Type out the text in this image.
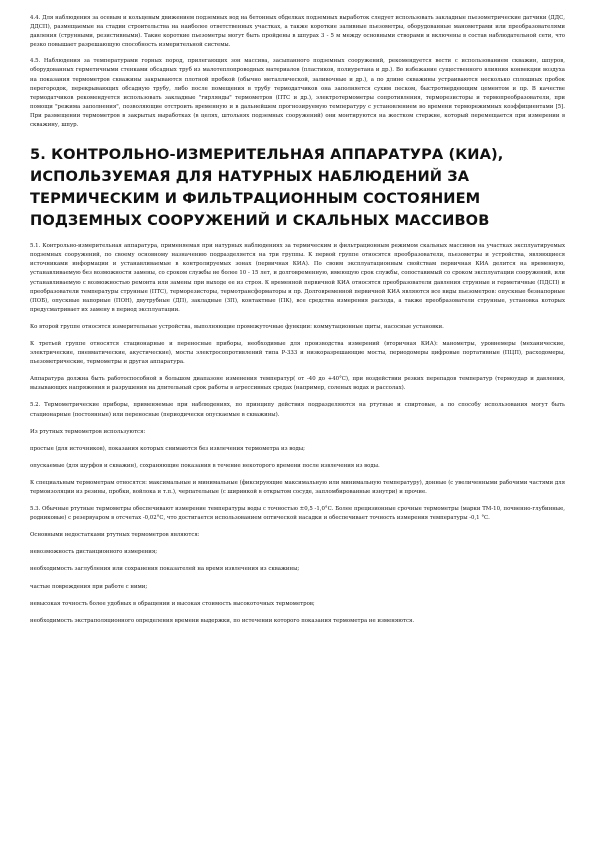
4.4. Для наблюдения за осевым и кольцевым движением подземных вод на бетонных обделках подземных выработок следует использовать закладные пьезометрические датчики (ДДС, ДДСП), размещаемые на стадии строительства на наиболее ответственных участках, а также короткие заливные пьезометры, оборудованные манометрами или преобразователями давления (струнными, резистивными). Такие короткие пьезометры могут быть пройдены в шпурах 3 - 5 м между основными створами и включены в состав наблюдательной сети, что резко повышает разрешающую способность измерительной системы.

4.5. Наблюдения за температурами горных пород, прилегающих зон массива, засыпанного подземных сооружений, рекомендуется вести с использованием скважин, шпуров, оборудованных герметичными стенками обсадных труб из малотеплопроводных материалов (пластиков, полиуретана и др.). Во избежание существенного влияния конвекции воздуха на показания термометров скважины закрываются плотной пробкой (обычно металлической, заливочные и др.), а по длине скважины устраиваются несколько сплошных пробок перегородок, перекрывающих обсадную трубу, либо после помещения в трубу термодатчиков она заполняется сухим песком, быстротвердеющим цементом и пр. В качестве термодатчиков рекомендуется использовать закладные "гирлянды" термометров (ПТС и др.), электротермометры сопротивления, терморезисторы и термопреобразователи, при помощи "режима заполнения", позволяющие отстроить временную и в дальнейшем прогнозируемую температуру с установлением во времени терморежимных коэффициентами [5]. При размещении термометров в закрытых выработках (в целях, штольнях подземных сооружений) они монтируются на жестком стержне, который перемещается при измерении в скважину, шпур.

5. КОНТРОЛЬНО-ИЗМЕРИТЕЛЬНАЯ АППАРАТУРА (КИА), ИСПОЛЬЗУЕМАЯ ДЛЯ НАТУРНЫХ НАБЛЮДЕНИЙ ЗА ТЕРМИЧЕСКИМ И ФИЛЬТРАЦИОННЫМ СОСТОЯНИЕМ ПОДЗЕМНЫХ СООРУЖЕНИЙ И СКАЛЬНЫХ МАССИВОВ

5.1. Контрольно-измерительная аппаратура, применяемая при натурных наблюдениях за термическим и фильтрационным режимом скальных массивов на участках эксплуатируемых подземных сооружений, по своему основному назначению подразделяется на три группы. К первой группе относятся преобразователи, пьезометры и устройства, являющиеся источниками информации и устанавливаемые в контролируемых зонах (первичная КИА). По своим эксплуатационным свойствам первичная КИА делится на временную, устанавливаемую без возможности замены, со сроком службы не более 10 - 15 лет, и долговременную, имеющую срок службы, сопоставимый со сроком эксплуатации сооружений, или устанавливаемую с возможностью ремонта или замены при выходе ее из строя. К временной первичной КИА относятся преобразователи давления струнные и герметичные (ПДСП) и преобразователи температуры струнные (ПТС), терморезисторы, термотрансформаторы и пр. Долговременной первичной КИА являются все виды пьезометров: опускные безнапорные (ПОБ), опускные напорные (ПОН), двутрубные (ДП), закладные (ЗП), контактные (ПК), все средства измерения расхода, а также преобразователи струнные, установка которых предусматривает их замену в период эксплуатации.

Ко второй группе относятся измерительные устройства, выполняющие промежуточные функции: коммутационные щиты, насосные установки.

К третьей группе относятся стационарные и переносные приборы, необходимые для производства измерений (вторичная КИА): манометры, уровнемеры (механические, электрические, пневматические, акустические), мосты электросопротивлений типа Р-333 и низкоразрешающие мосты, периодомеры цифровые портативные (ПЦП), расходомеры, пьезометрические, термометры и другая аппаратура.

Аппаратура должна быть работоспособной в большом диапазоне изменения температур( от -40 до +40°С), при воздействии резких перепадов температур (термоудар и давления, вызывающих напряжения и разрушения на длительный срок работы в агрессивных средах (например, соленых водах и рассолах).

5.2. Термометрические приборы, применяемые при наблюдениях, по принципу действия подразделяются на ртутные и спиртовые, а по способу использования могут быть стационарные (постоянные) или переносные (периодически опускаемые в скважины).

Из ртутных термометров используются:

простые (для источников), показания которых снимаются без извлечения термометра из воды;

опускаемые (для шурфов и скважин), сохраняющие показания в течение некоторого времени после извлечения из воды.

К специальным термометрам относятся: максимальные и минимальные (фиксирующие максимальную или минимальную температуру), донные (с увеличенными рабочими частями для термоизоляции из резины, пробки, войлока и т.п.), черпательные (с ширинкой в открытом сосуде, запломбированные изнутри) и прочие.

5.3. Обычные ртутные термометры обеспечивают измерение температуры воды с точностью ±0,5 -1,0°С. Более прецизионные срочные термометры (марки ТМ-10, почвенно-глубинные, родниковые) с резервуаром в отсчетах -0,02°С, что достигается использованием оптической насадки и обеспечивает точность измерения температуры -0,1 °С.

Основными недостатками ртутных термометров являются:

невозможность дистанционного измерения;

необходимость заглубления или сохранения показателей на время извлечения из скважины;

частые повреждения при работе с ними;

невысокая точность более удобных в обращении и высокая стоимость высокоточных термометров;

необходимость экстраполяционного определения времени выдержки, по истечении которого показания термометра не изменяются.
